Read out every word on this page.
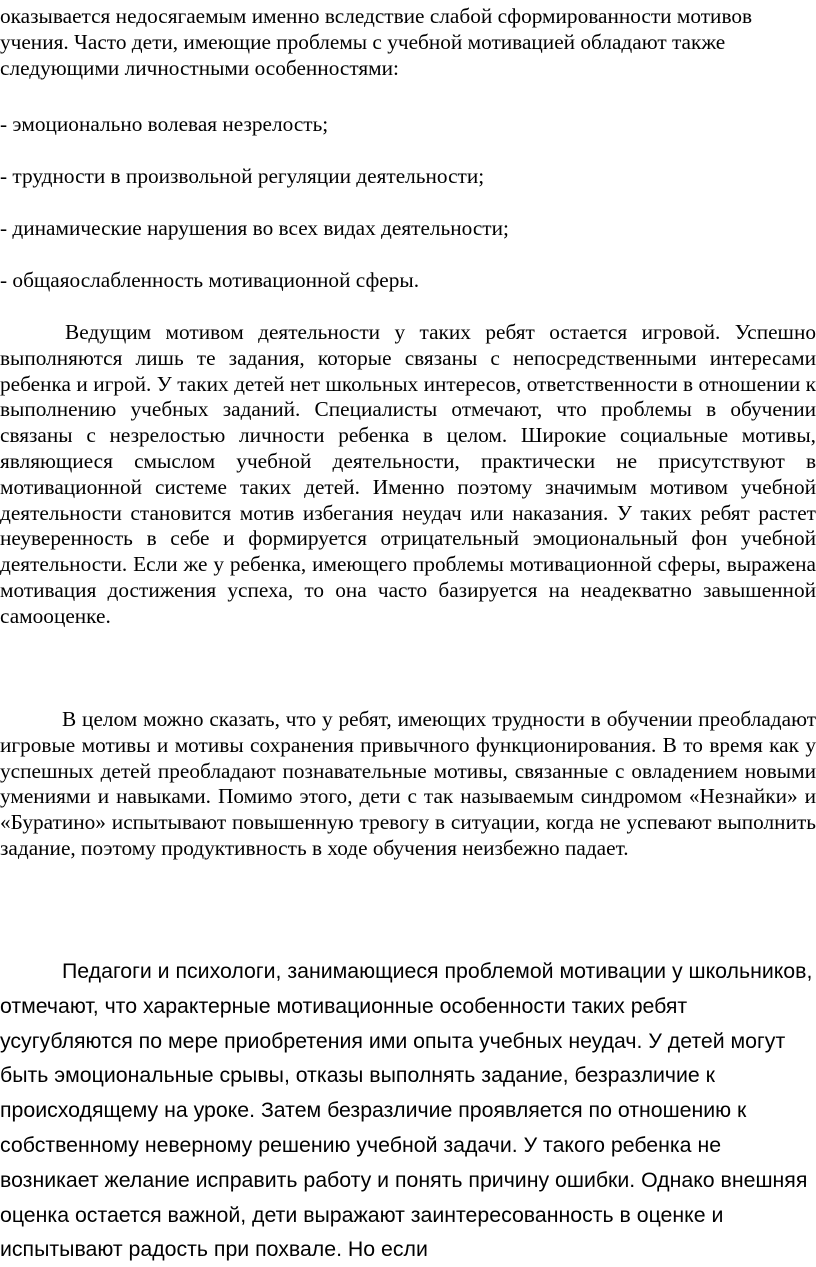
оказывается недосягаемым именно вследствие слабой сформированности мотивов учения. Часто дети, имеющие проблемы с учебной мотивацией обладают также следующими личностными особенностями:

- эмоционально волевая незрелость;

- трудности в произвольной регуляции деятельности;

- динамические нарушения во всех видах деятельности;

- общаяослабленность мотивационной сферы.

Ведущим мотивом деятельности у таких ребят остается игровой. Успешно выполняются лишь те задания, которые связаны с непосредственными интересами ребенка и игрой. У таких детей нет школьных интересов, ответственности в отношении к выполнению учебных заданий. Специалисты отмечают, что проблемы в обучении связаны с незрелостью личности ребенка в целом. Широкие социальные мотивы, являющиеся смыслом учебной деятельности, практически не присутствуют в мотивационной системе таких детей. Именно поэтому значимым мотивом учебной деятельности становится мотив избегания неудач или наказания. У таких ребят растет неуверенность в себе и формируется отрицательный эмоциональный фон учебной деятельности. Если же у ребенка, имеющего проблемы мотивационной сферы, выражена мотивация достижения успеха, то она часто базируется на неадекватно завышенной самооценке.

В целом можно сказать, что у ребят, имеющих трудности в обучении преобладают игровые мотивы и мотивы сохранения привычного функционирования. В то время как у успешных детей преобладают познавательные мотивы, связанные с овладением новыми умениями и навыками. Помимо этого, дети с так называемым синдромом «Незнайки» и «Буратино» испытывают повышенную тревогу в ситуации, когда не успевают выполнить задание, поэтому продуктивность в ходе обучения неизбежно падает.

Педагоги и психологи, занимающиеся проблемой мотивации у школьников, отмечают, что характерные мотивационные особенности таких ребят усугубляются по мере приобретения ими опыта учебных неудач. У детей могут быть эмоциональные срывы, отказы выполнять задание, безразличие к происходящему на уроке. Затем безразличие проявляется по отношению к собственному неверному решению учебной задачи. У такого ребенка не возникает желание исправить работу и понять причину ошибки. Однако внешняя оценка остается важной, дети выражают заинтересованность в оценке и испытывают радость при похвале. Но если
